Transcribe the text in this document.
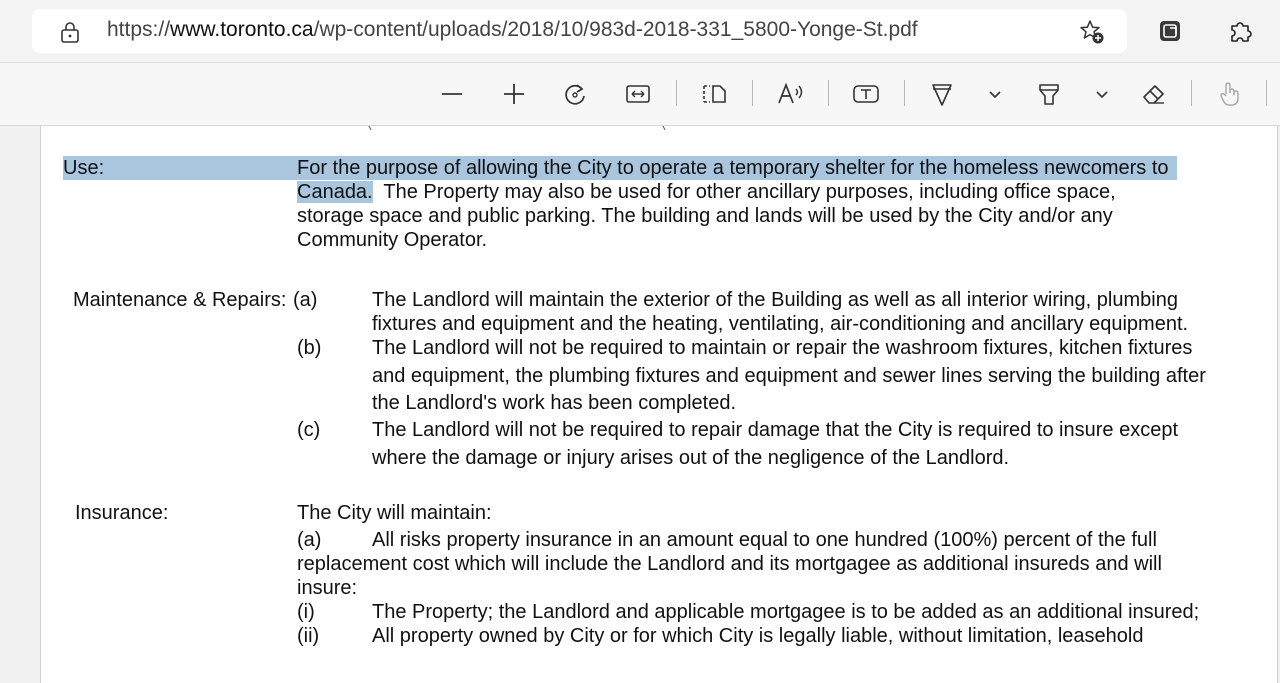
https://www.toronto.ca/wp-content/uploads/2018/10/983d-2018-331_5800-Yonge-St.pdf
Use:	For the purpose of allowing the City to operate a temporary shelter for the homeless newcomers to
Canada.  The Property may also be used for other ancillary purposes, including office space,
storage space and public parking. The building and lands will be used by the City and/or any
Community Operator.
Maintenance & Repairs: (a)	The Landlord will maintain the exterior of the Building as well as all interior wiring, plumbing
fixtures and equipment and the heating, ventilating, air-conditioning and ancillary equipment.
(b)	The Landlord will not be required to maintain or repair the washroom fixtures, kitchen fixtures
and equipment, the plumbing fixtures and equipment and sewer lines serving the building after
the Landlord's work has been completed.
(c)	The Landlord will not be required to repair damage that the City is required to insure except
where the damage or injury arises out of the negligence of the Landlord.
Insurance:	The City will maintain:
(a)	All risks property insurance in an amount equal to one hundred (100%) percent of the full
replacement cost which will include the Landlord and its mortgagee as additional insureds and will
insure:
(i)	The Property; the Landlord and applicable mortgagee is to be added as an additional insured;
(ii)	All property owned by City or for which City is legally liable, without limitation, leasehold
